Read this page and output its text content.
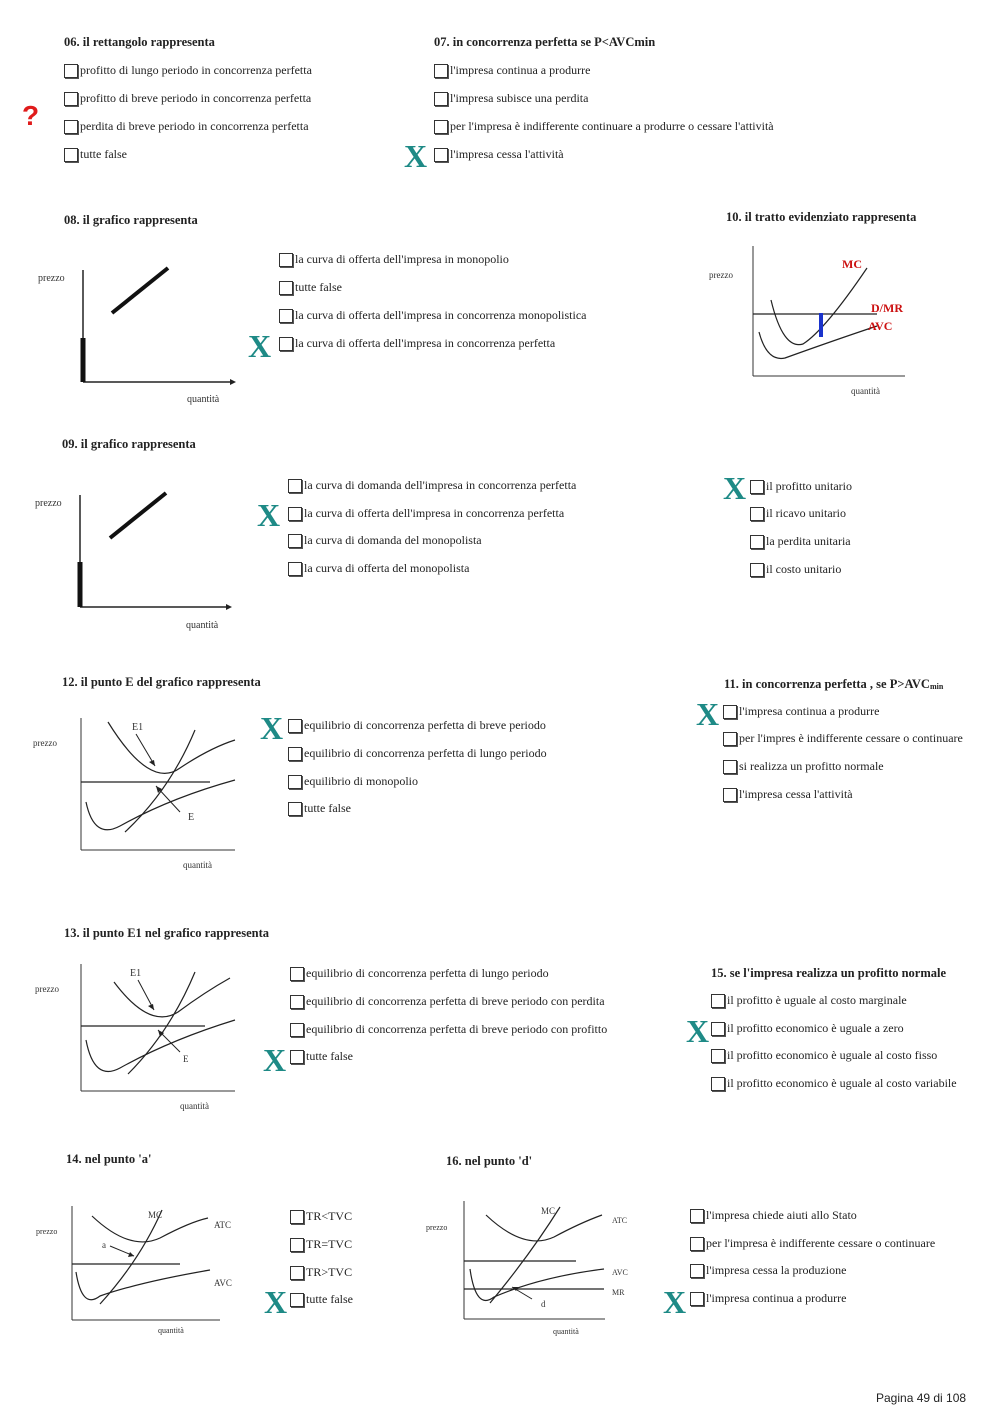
?
06. il rettangolo rappresenta
profitto di lungo periodo in concorrenza perfetta
profitto di breve periodo in concorrenza perfetta
perdita di breve periodo in concorrenza perfetta
tutte false
07. in concorrenza perfetta se P<AVCmin
l'impresa continua a produrre
l'impresa subisce una perdita
per l'impresa è indifferente continuare a produrre o cessare l'attività
l'impresa cessa l'attività
X
08. il grafico rappresenta
prezzo
quantità
la curva di offerta dell'impresa in monopolio
tutte false
la curva di offerta dell'impresa in concorrenza monopolistica
la curva di offerta dell'impresa in concorrenza perfetta
X
10. il tratto evidenziato rappresenta
prezzo
quantità
MC
D/MR
AVC
09. il grafico rappresenta
prezzo
quantità
la curva di domanda dell'impresa in concorrenza perfetta
la curva di offerta dell'impresa in concorrenza perfetta
la curva di domanda del monopolista
la curva di offerta del monopolista
X
il profitto unitario
il ricavo unitario
la perdita unitaria
il costo unitario
X
12. il punto E del grafico rappresenta
E1
E
prezzo
quantità
equilibrio di concorrenza perfetta di breve periodo
equilibrio di concorrenza perfetta di lungo periodo
equilibrio di monopolio
tutte false
X
11. in concorrenza perfetta , se $P>AVC_{min}$
l'impresa continua a produrre
per l'impres è indifferente cessare o continuare
si realizza un profitto normale
l'impresa cessa l'attività
X
13. il punto E1 nel grafico rappresenta
E1
E
prezzo
quantità
equilibrio di concorrenza perfetta di lungo periodo
equilibrio di concorrenza perfetta di breve periodo con perdita
equilibrio di concorrenza perfetta di breve periodo con profitto
tutte false
X
15. se l'impresa realizza un profitto normale
il profitto è uguale al costo marginale
il profitto economico è uguale a zero
il profitto economico è uguale al costo fisso
il profitto economico è uguale al costo variabile
X
14. nel punto 'a'
MC
ATC
AVC
a
prezzo
quantità
TR<TVC
TR=TVC
TR>TVC
tutte false
X
16. nel punto 'd'
MC
ATC
AVC
MR
d
prezzo
quantità
l'impresa chiede aiuti allo Stato
per l'impresa è indifferente cessare o continuare
l'impresa cessa la produzione
l'impresa continua a produrre
X
Pagina 49 di 108
